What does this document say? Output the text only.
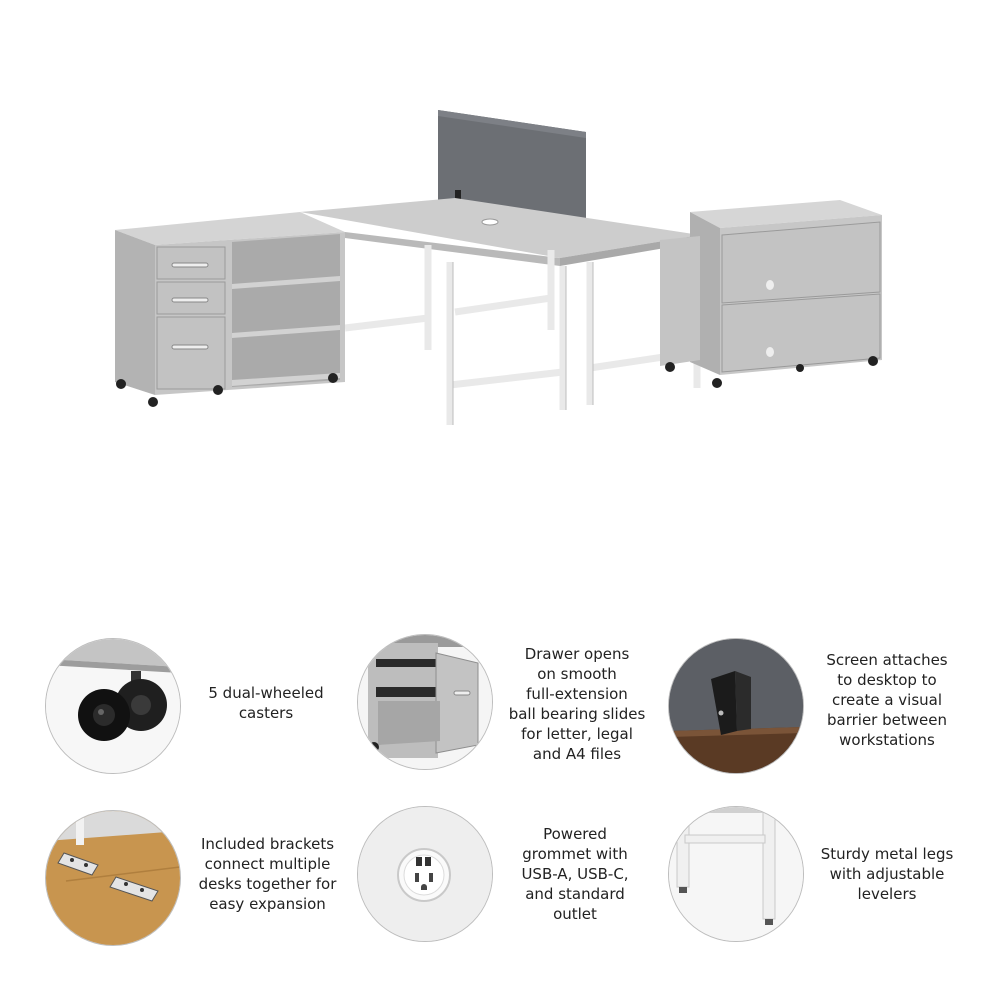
5 dual-wheeled
casters
Drawer opens
on smooth
full-extension
ball bearing slides
for letter, legal
and A4 files
Screen attaches
to desktop to
create a visual
barrier between
workstations
Included brackets
connect multiple
desks together for
easy expansion
Powered
grommet with
USB-A, USB-C,
and standard
outlet
Sturdy metal legs
with adjustable
levelers
